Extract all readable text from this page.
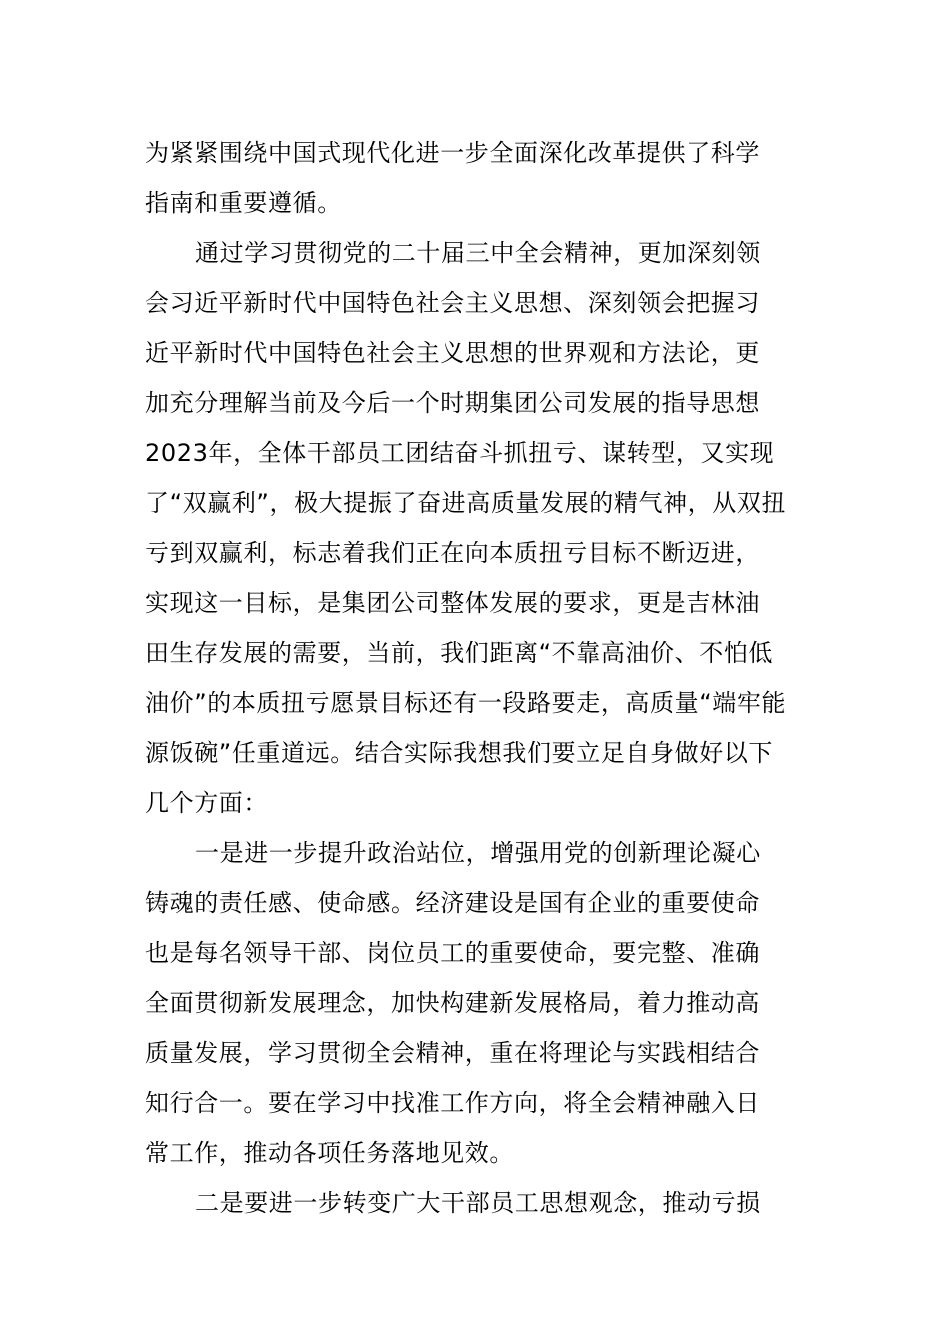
为紧紧围绕中国式现代化进一步全面深化改革提供了科学
指南和重要遵循。
通过学习贯彻党的二十届三中全会精神，更加深刻领
会习近平新时代中国特色社会主义思想、深刻领会把握习
近平新时代中国特色社会主义思想的世界观和方法论，更
加充分理解当前及今后一个时期集团公司发展的指导思想
2023年，全体干部员工团结奋斗抓扭亏、谋转型，又实现
了“双赢利”，极大提振了奋进高质量发展的精气神，从双扭
亏到双赢利，标志着我们正在向本质扭亏目标不断迈进，
实现这一目标，是集团公司整体发展的要求，更是吉林油
田生存发展的需要，当前，我们距离“不靠高油价、不怕低
油价”的本质扭亏愿景目标还有一段路要走，高质量“端牢能
源饭碗”任重道远。结合实际我想我们要立足自身做好以下
几个方面：
一是进一步提升政治站位，增强用党的创新理论凝心
铸魂的责任感、使命感。经济建设是国有企业的重要使命
也是每名领导干部、岗位员工的重要使命，要完整、准确
全面贯彻新发展理念，加快构建新发展格局，着力推动高
质量发展，学习贯彻全会精神，重在将理论与实践相结合
知行合一。要在学习中找准工作方向，将全会精神融入日
常工作，推动各项任务落地见效。
二是要进一步转变广大干部员工思想观念，推动亏损
